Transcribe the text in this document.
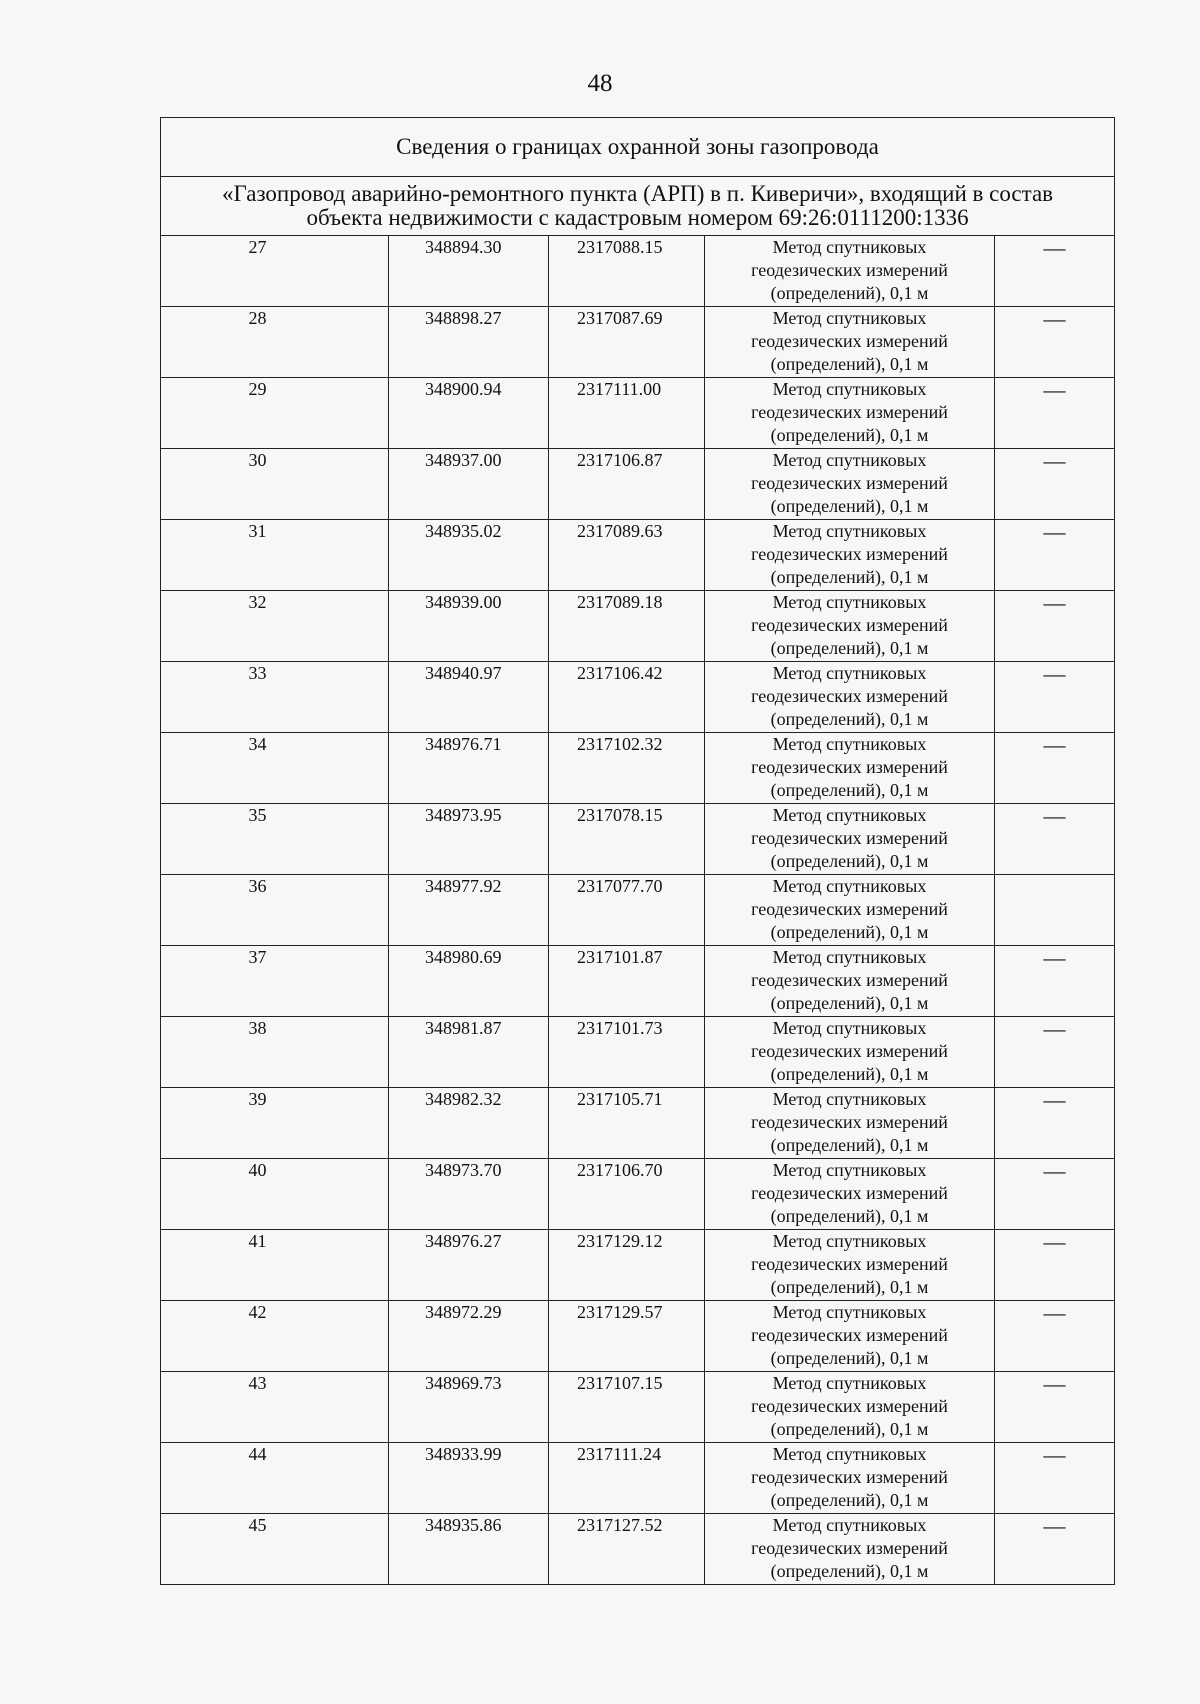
48
Сведения о границах охранной зоны газопровода				
«Газопровод аварийно-ремонтного пункта (АРП) в п. Киверичи», входящий в состав
объекта недвижимости с кадастровым номером 69:26:0111200:1336				
27	348894.30	2317088.15	Метод спутниковых
геодезических измерений
(определений), 0,1 м	—
28	348898.27	2317087.69	Метод спутниковых
геодезических измерений
(определений), 0,1 м	—
29	348900.94	2317111.00	Метод спутниковых
геодезических измерений
(определений), 0,1 м	—
30	348937.00	2317106.87	Метод спутниковых
геодезических измерений
(определений), 0,1 м	—
31	348935.02	2317089.63	Метод спутниковых
геодезических измерений
(определений), 0,1 м	—
32	348939.00	2317089.18	Метод спутниковых
геодезических измерений
(определений), 0,1 м	—
33	348940.97	2317106.42	Метод спутниковых
геодезических измерений
(определений), 0,1 м	—
34	348976.71	2317102.32	Метод спутниковых
геодезических измерений
(определений), 0,1 м	—
35	348973.95	2317078.15	Метод спутниковых
геодезических измерений
(определений), 0,1 м	—
36	348977.92	2317077.70	Метод спутниковых
геодезических измерений
(определений), 0,1 м	

37	348980.69	2317101.87	Метод спутниковых
геодезических измерений
(определений), 0,1 м	—
38	348981.87	2317101.73	Метод спутниковых
геодезических измерений
(определений), 0,1 м	—
39	348982.32	2317105.71	Метод спутниковых
геодезических измерений
(определений), 0,1 м	—
40	348973.70	2317106.70	Метод спутниковых
геодезических измерений
(определений), 0,1 м	—
41	348976.27	2317129.12	Метод спутниковых
геодезических измерений
(определений), 0,1 м	—
42	348972.29	2317129.57	Метод спутниковых
геодезических измерений
(определений), 0,1 м	—
43	348969.73	2317107.15	Метод спутниковых
геодезических измерений
(определений), 0,1 м	—
44	348933.99	2317111.24	Метод спутниковых
геодезических измерений
(определений), 0,1 м	—
45	348935.86	2317127.52	Метод спутниковых
геодезических измерений
(определений), 0,1 м	—
